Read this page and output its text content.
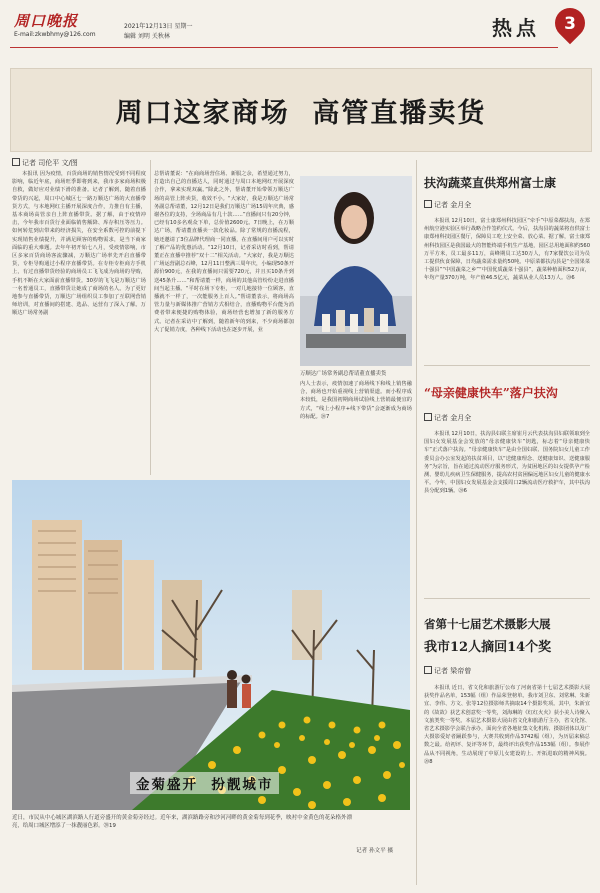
周口晚报
E-mail:zkwbhmy@126.com
2021年12月13日 星期一
编辑 刘明 关秋林	热点	3
周口这家商场  高管直播卖货
记者 司伦平 文/图
本报讯 因为疫情，百货商场的销售情况受到不同程度影响，临近年底，商场旺季即将到来，我市多家商场积极自救，做好应对业绩下滑的准备。记者了解到，随着直播带货的兴起，周口中心城区七一路万顺达广场的大直播带货方式，与本地网红主播开展深度合作，力推自有主播，基本商场高管亲自上阵直播带货。据了解，由于疫情冲击，今年我市百货行业面临销售额降、库存积压等压力。如何转危到店带来的经济损失，在安全系数可控的前提下实现销售业绩提升，并满足顾客的购物需求，是当下商家面临的重大难题。去年年初开始七八月，受疫情影响，市区多家百货商场客流骤减，万顺达广场率先开启直播带货，专柜导购通过小程序直播带货。在专柜专柜商方手机上，有过直播带货经验的商场员工飞飞成为商场的导购，手机不断在大家面前直播带货。30岁的飞飞是万顺达广场一名普通员工，直播带货让她成了商场的名人。为了更好地参与直播带货，万顺达广场组织员工参加了互联网营销师培训，对直播间的搭建、选品、运营有了深入了解。万顺达广场常务副
总帮请董说：“在商商场营住场、新服之余，希望通过努力，打造出自己的直播达人，同时通过与周口本地网红开展深度合作，拿来实现双赢。”除此之外，帮请董开始带领万顺达广场的高管上阵卖货，收效不小。“大家好，我是万顺达广场常务副总帮请董，12月12日是我们万顺达广场15周年庆典，感谢各位的支持，全场商品有几十款……”直播间只有20分钟，已经有10多名观众下单，总价值2600元。7日晚上，在万顺达广场，帮请董直播卖一款化妆品。除了常规的直播流程，她还邀请了3位品牌代理商一同直播，在直播间用户可以实时了解产品的优惠活动。“12月10日，记者采访时看到，帮请董正在直播中推荐“双十二”相关活动。“大家好，我是万顺达广场运营副总石峰，12月11日整满三周年庆，小编现50条开源价900元，在我的直播间只需要720元，并且买10条升到送45条升……”和帮请董一样，商场的其他高管纷纷走进直播间当起主播。“平时在场下专柜，一对几地接待一位顾客，直播就不一样了，一次能服务上百人。”帮请董表示，将商场高管力量与新媒体推广营销方式相结合，直播购物平台能为消费者带来便捷的购物体验，商场经营也增加了新的服务方式。记者在采访中了解到，随着新年的到来，不少商场都加大了促销力度，各种线下活动也在逐步开展，业
万顺达广场常务副总帮请董直播卖货
内人士表示，疫情加速了商场线下和线上销售融合，商场也开始重视线上营销渠道。而小程序成本较低，是我国初期商场试验线上营销最便宜的方式，“线上小程序+线下带货”会逐渐成为商场的标配。⑳7
扶沟蔬菜直供郑州富士康
记者 金月全
本报讯 12月10日，富士康郑州科技园区“牵手”中原菜都扶沟，在郑州航空港实验区举行战略合作签约仪式。今后，扶沟县的蔬菜将直供富士康郑州科技园区餐厅，保障员工吃上安全菜、放心菜。据了解，富士康郑州科技园区是我国最大的智能终端手机生产基地，园区总用地面积约560万平方米，员工最多11万，高峰期员工达30万人，有7家餐饮公司为员工提供伙食保障，日均蔬菜需求量约50吨。中原菜都扶沟县是“全国果菜十强县”“中国蔬菜之乡”“中国优质蔬菜十强县”，蔬菜种植面积52万亩，年均产量370万吨，年产值46.5亿元，蔬菜从业人员13万人。⑳6
“母亲健康快车”落户扶沟
记者 金月全
本报讯 12月10日，扶沟县妇联主席崔月云代表扶沟县妇联领取到全国妇女发展基金会发放的“母亲健康快车”钥匙，标志着“母亲健康快车”正式落户扶沟。“母亲健康快车”是由全国妇联、国务院妇女儿童工作委员会办公室发起的扶贫项目，以“送健康理念、送健康知识、送健康服务”为宗旨，旨在通过流动医疗服务形式，为贫困地区的妇女提供孕产检测、婴幼儿疾病卫生保健服务，提高农村贫困偏远地区妇女儿童的健康水平。今年，中国妇女发展基金会支援周口2辆流动医疗救护车，其中扶沟县分配到1辆。⑳6
省第十七届艺术摄影大展
我市12人摘回14个奖
记者 梁帝曾
本报讯 近日，省文化和旅游厅公布了河南省第十七届艺术摄影大展获奖作品名单，153幅（组）作品荣登榜单。我市刘卫东、刘常琳、朱新宜、李伟、方文、张等12位摄影师共摘取14个摄影奖项。其中，朱新宜的《故故》获艺术创意奖一等奖，刘海琳的《红红火火》获小美人诗聚入文旅类奖一等奖。本届艺术摄影大展由省文化和旅游厅主办，省文化馆、省艺术摄影学会联合承办，面向全省各地征集文化机构、摄影团体以及广大摄影爱好者踊跃参与，大赛共收到作品3742幅（组），为历届来稿总数之最。给初评、复评等环节，最终评出获奖作品153幅（组）。参展作品从不同视角，生动展现了中原儿女建设的上、开拓进取的精神风貌。⑳8
金菊盛开  扮靓城市
近日，市民从中心城区湖滨路人行道旁盛开的黄金菊旁经过。近年来，湖滨路路旁和沙河河畔的黄金菊每到花季，映衬中金黄色的花朵格外漂亮，给周口城区增添了一抹靓丽色彩。⑳19
记者 孙文平 摄
